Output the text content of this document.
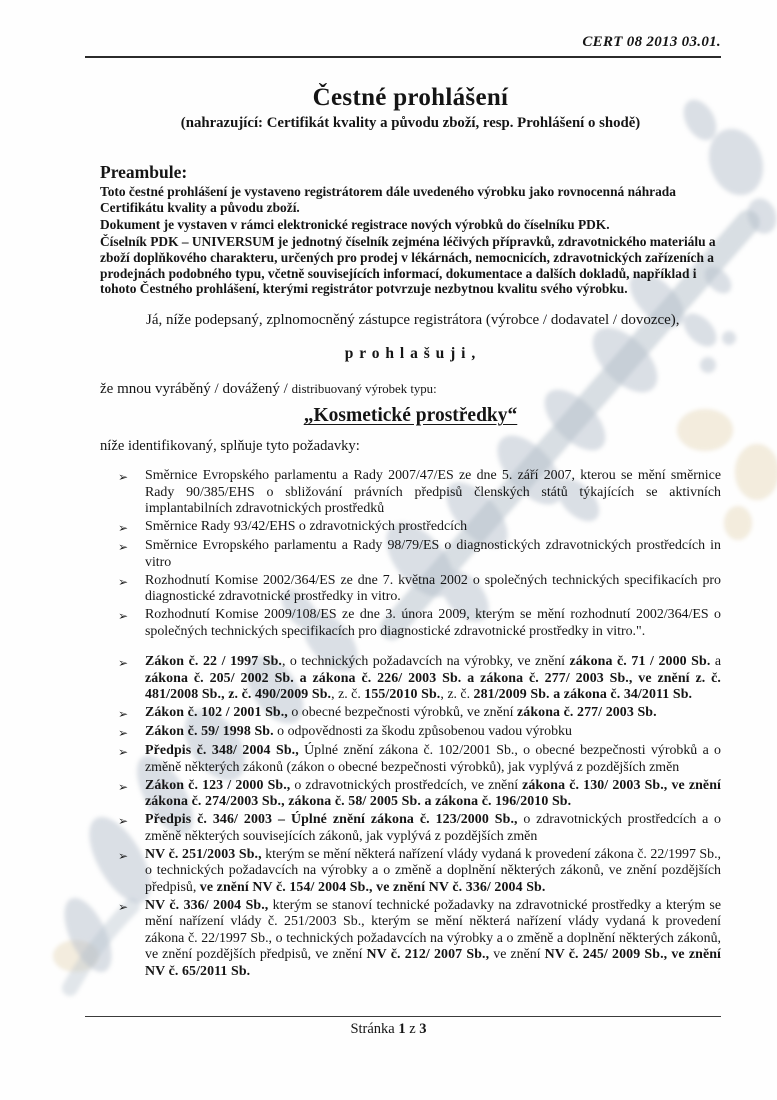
CERT 08 2013 03.01.
Čestné prohlášení
(nahrazující: Certifikát kvality a původu zboží, resp. Prohlášení o shodě)
Preambule:

Toto čestné prohlášení je vystaveno registrátorem dále uvedeného výrobku jako rovnocenná náhrada Certifikátu kvality a původu zboží.

Dokument je vystaven v rámci elektronické registrace nových výrobků do číselníku PDK.

Číselník PDK – UNIVERSUM je jednotný číselník zejména léčivých přípravků, zdravotnického materiálu a zboží doplňkového charakteru, určených pro prodej v lékárnách, nemocnicích, zdravotnických zařízeních a prodejnách podobného typu, včetně souvisejících informací, dokumentace a dalších dokladů, například i tohoto Čestného prohlášení, kterými registrátor potvrzuje nezbytnou kvalitu svého výrobku.

Já, níže podepsaný, zplnomocněný zástupce registrátora (výrobce / dodavatel / dovozce),

p r o h l a š u j i ,

že mnou vyráběný / dovážený / distribuovaný výrobek typu:

„Kosmetické prostředky“

níže identifikovaný, splňuje tyto požadavky:

➢	Směrnice Evropského parlamentu a Rady 2007/47/ES ze dne 5. září 2007, kterou se mění směrnice Rady 90/385/EHS o sbližování právních předpisů členských států týkajících se aktivních implantabilních zdravotnických prostředků
➢	Směrnice Rady 93/42/EHS o zdravotnických prostředcích
➢	Směrnice Evropského parlamentu a Rady 98/79/ES o diagnostických zdravotnických prostředcích in vitro
➢	Rozhodnutí Komise 2002/364/ES ze dne 7. května 2002 o společných technických specifikacích pro diagnostické zdravotnické prostředky in vitro.
➢	Rozhodnutí Komise 2009/108/ES ze dne 3. února 2009, kterým se mění rozhodnutí 2002/364/ES o společných technických specifikacích pro diagnostické zdravotnické prostředky in vitro.".
➢	Zákon č. 22 / 1997 Sb., o technických požadavcích na výrobky, ve znění zákona č. 71 / 2000 Sb. a zákona č. 205/ 2002 Sb. a zákona č. 226/ 2003 Sb. a zákona č. 277/ 2003 Sb., ve znění z. č. 481/2008 Sb., z. č. 490/2009 Sb., z. č. 155/2010 Sb., z. č. 281/2009 Sb. a zákona č. 34/2011 Sb.
➢	Zákon č. 102 / 2001 Sb., o obecné bezpečnosti výrobků, ve znění zákona č. 277/ 2003 Sb.
➢	Zákon č. 59/ 1998 Sb. o odpovědnosti za škodu způsobenou vadou výrobku
➢	Předpis č. 348/ 2004 Sb., Úplné znění zákona č. 102/2001 Sb., o obecné bezpečnosti výrobků a o změně některých zákonů (zákon o obecné bezpečnosti výrobků), jak vyplývá z pozdějších změn
➢	Zákon č. 123 / 2000 Sb., o zdravotnických prostředcích, ve znění zákona č. 130/ 2003 Sb., ve znění zákona č. 274/2003 Sb., zákona č. 58/ 2005 Sb. a zákona č. 196/2010 Sb.
➢	Předpis č. 346/ 2003 – Úplné znění zákona č. 123/2000 Sb., o zdravotnických prostředcích a o změně některých souvisejících zákonů, jak vyplývá z pozdějších změn
➢	NV č. 251/2003 Sb., kterým se mění některá nařízení vlády vydaná k provedení zákona č. 22/1997 Sb., o technických požadavcích na výrobky a o změně a doplnění některých zákonů, ve znění pozdějších předpisů, ve znění NV č. 154/ 2004 Sb., ve znění NV č. 336/ 2004 Sb.
➢	NV č. 336/ 2004 Sb., kterým se stanoví technické požadavky na zdravotnické prostředky a kterým se mění nařízení vlády č. 251/2003 Sb., kterým se mění některá nařízení vlády vydaná k provedení zákona č. 22/1997 Sb., o technických požadavcích na výrobky a o změně a doplnění některých zákonů, ve znění pozdějších předpisů, ve znění NV č. 212/ 2007 Sb., ve znění NV č. 245/ 2009 Sb., ve znění NV č. 65/2011 Sb.
Stránka 1 z 3
